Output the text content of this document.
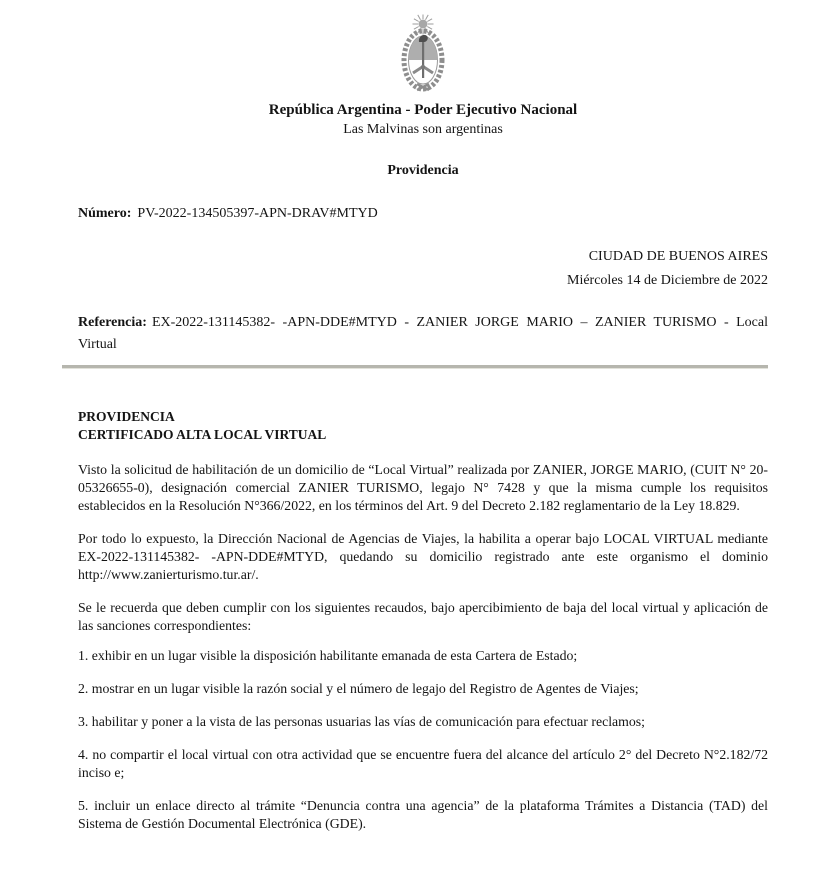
República Argentina - Poder Ejecutivo Nacional
Las Malvinas son argentinas
Providencia

Número: PV-2022-134505397-APN-DRAV#MTYD

CIUDAD DE BUENOS AIRES
Miércoles 14 de Diciembre de 2022

Referencia: EX-2022-131145382- -APN-DDE#MTYD - ZANIER JORGE MARIO – ZANIER TURISMO - Local Virtual

PROVIDENCIA
CERTIFICADO ALTA LOCAL VIRTUAL

Visto la solicitud de habilitación de un domicilio de “Local Virtual” realizada por ZANIER, JORGE MARIO, (CUIT N° 20-05326655-0), designación comercial ZANIER TURISMO, legajo N° 7428 y que la misma cumple los requisitos establecidos en la Resolución N°366/2022, en los términos del Art. 9 del Decreto 2.182 reglamentario de la Ley 18.829.

Por todo lo expuesto, la Dirección Nacional de Agencias de Viajes, la habilita a operar bajo LOCAL VIRTUAL mediante EX-2022-131145382- -APN-DDE#MTYD, quedando su domicilio registrado ante este organismo el dominio http://www.zanierturismo.tur.ar/.

Se le recuerda que deben cumplir con los siguientes recaudos, bajo apercibimiento de baja del local virtual y aplicación de las sanciones correspondientes:

1. exhibir en un lugar visible la disposición habilitante emanada de esta Cartera de Estado;

2. mostrar en un lugar visible la razón social y el número de legajo del Registro de Agentes de Viajes;

3. habilitar y poner a la vista de las personas usuarias las vías de comunicación para efectuar reclamos;

4. no compartir el local virtual con otra actividad que se encuentre fuera del alcance del artículo 2° del Decreto N°2.182/72 inciso e;

5. incluir un enlace directo al trámite “Denuncia contra una agencia” de la plataforma Trámites a Distancia (TAD) del Sistema de Gestión Documental Electrónica (GDE).
